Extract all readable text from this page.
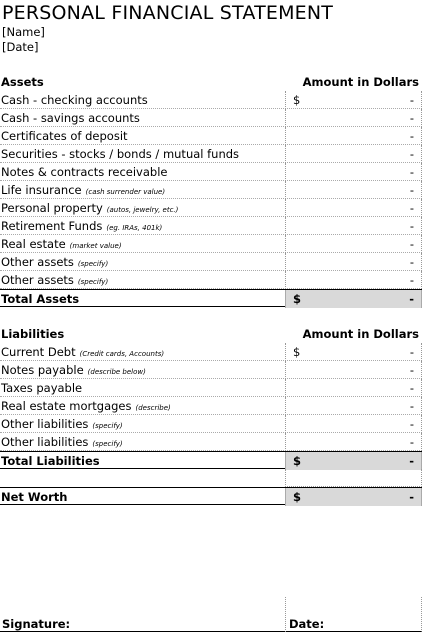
PERSONAL FINANCIAL STATEMENT
[Name]
[Date]
Assets	Amount in Dollars
Cash - checking accounts	$	-
Cash - savings accounts	-
Certificates of deposit	-
Securities - stocks / bonds / mutual funds	-
Notes & contracts receivable	-
Life insurance (cash surrender value)	-
Personal property (autos, jewelry, etc.)	-
Retirement Funds (eg. IRAs, 401k)	-
Real estate (market value)	-
Other assets (specify)	-
Other assets (specify)	-
Total Assets	$	-
Liabilities	Amount in Dollars
Current Debt (Credit cards, Accounts)	$	-
Notes payable (describe below)	-
Taxes payable	-
Real estate mortgages (describe)	-
Other liabilities (specify)	-
Other liabilities (specify)	-
Total Liabilities	$	-
Net Worth	$	-
Signature:	Date:
